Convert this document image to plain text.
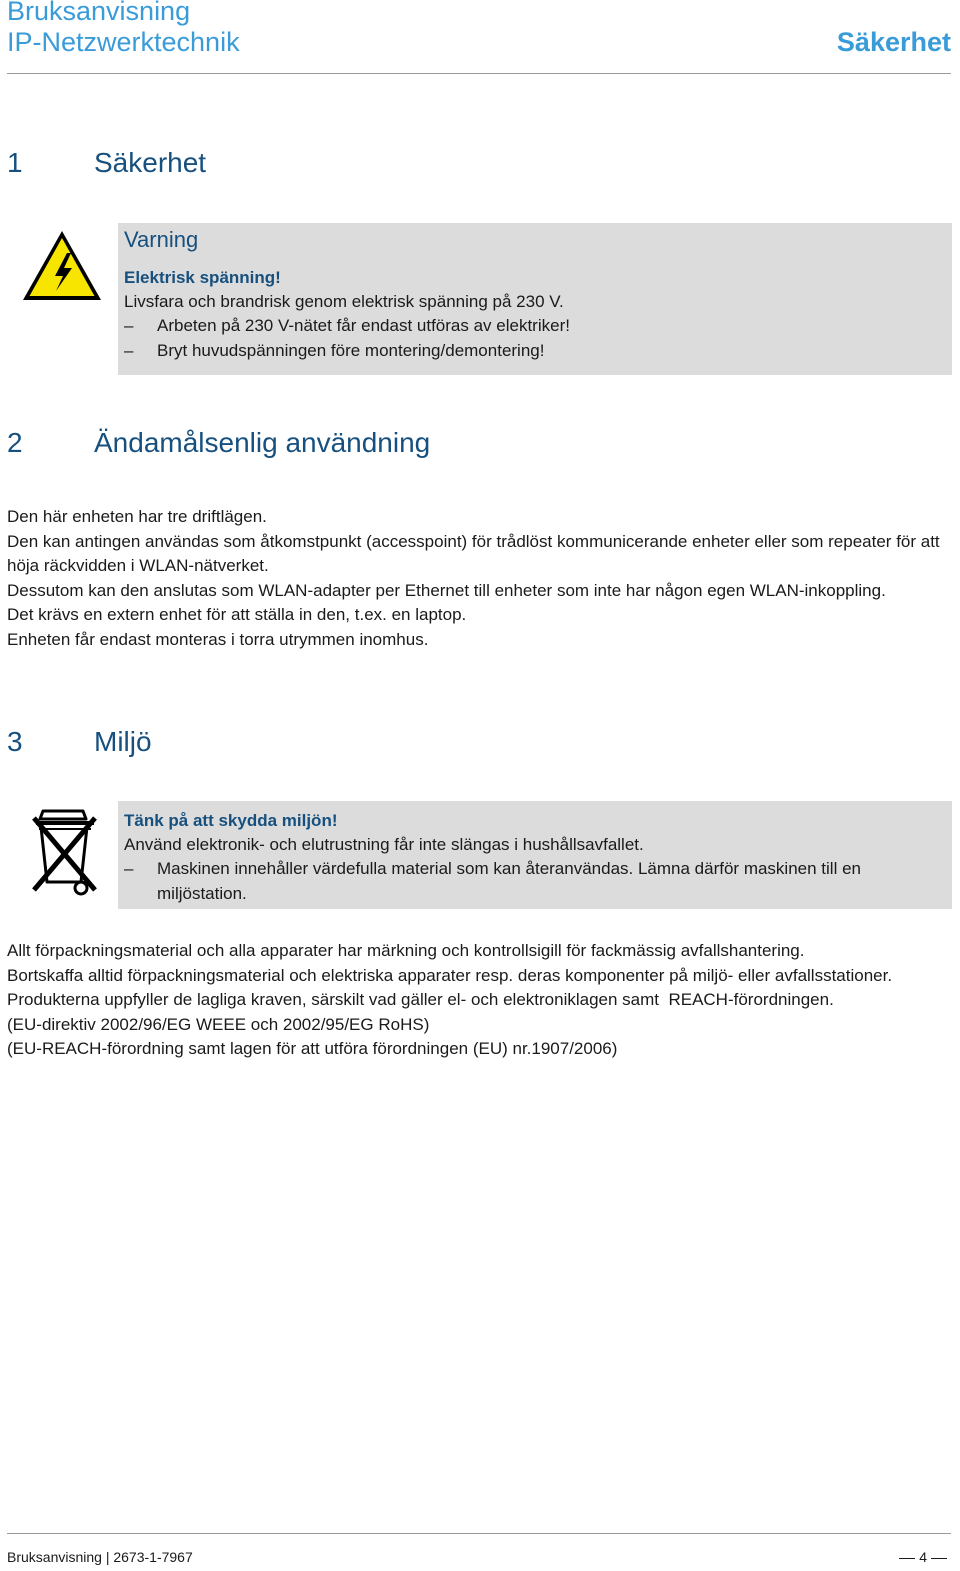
Bruksanvisning
IP-Netzwerktechnik	Säkerhet
1	Säkerhet
Varning
Elektrisk spänning!
Livsfara och brandrisk genom elektrisk spänning på 230 V.
– Arbeten på 230 V-nätet får endast utföras av elektriker!
– Bryt huvudspänningen före montering/demontering!
2	Ändamålsenlig användning

Den här enheten har tre driftlägen.

Den kan antingen användas som åtkomstpunkt (accesspoint) för trådlöst kommunicerande enheter eller som repeater för att höja räckvidden i WLAN-nätverket.

Dessutom kan den anslutas som WLAN-adapter per Ethernet till enheter som inte har någon egen WLAN-inkoppling.

Det krävs en extern enhet för att ställa in den, t.ex. en laptop.

Enheten får endast monteras i torra utrymmen inomhus.

3	Miljö
Tänk på att skydda miljön!
Använd elektronik- och elutrustning får inte slängas i hushållsavfallet.
– Maskinen innehåller värdefulla material som kan återanvändas. Lämna därför maskinen till en miljöstation.

Allt förpackningsmaterial och alla apparater har märkning och kontrollsigill för fackmässig avfallshantering.

Bortskaffa alltid förpackningsmaterial och elektriska apparater resp. deras komponenter på miljö- eller avfallsstationer.

Produkterna uppfyller de lagliga kraven, särskilt vad gäller el- och elektroniklagen samt  REACH-förordningen.

(EU-direktiv 2002/96/EG WEEE och 2002/95/EG RoHS)

(EU-REACH-förordning samt lagen för att utföra förordningen (EU) nr.1907/2006)

Bruksanvisning | 2673-1-7967	4
